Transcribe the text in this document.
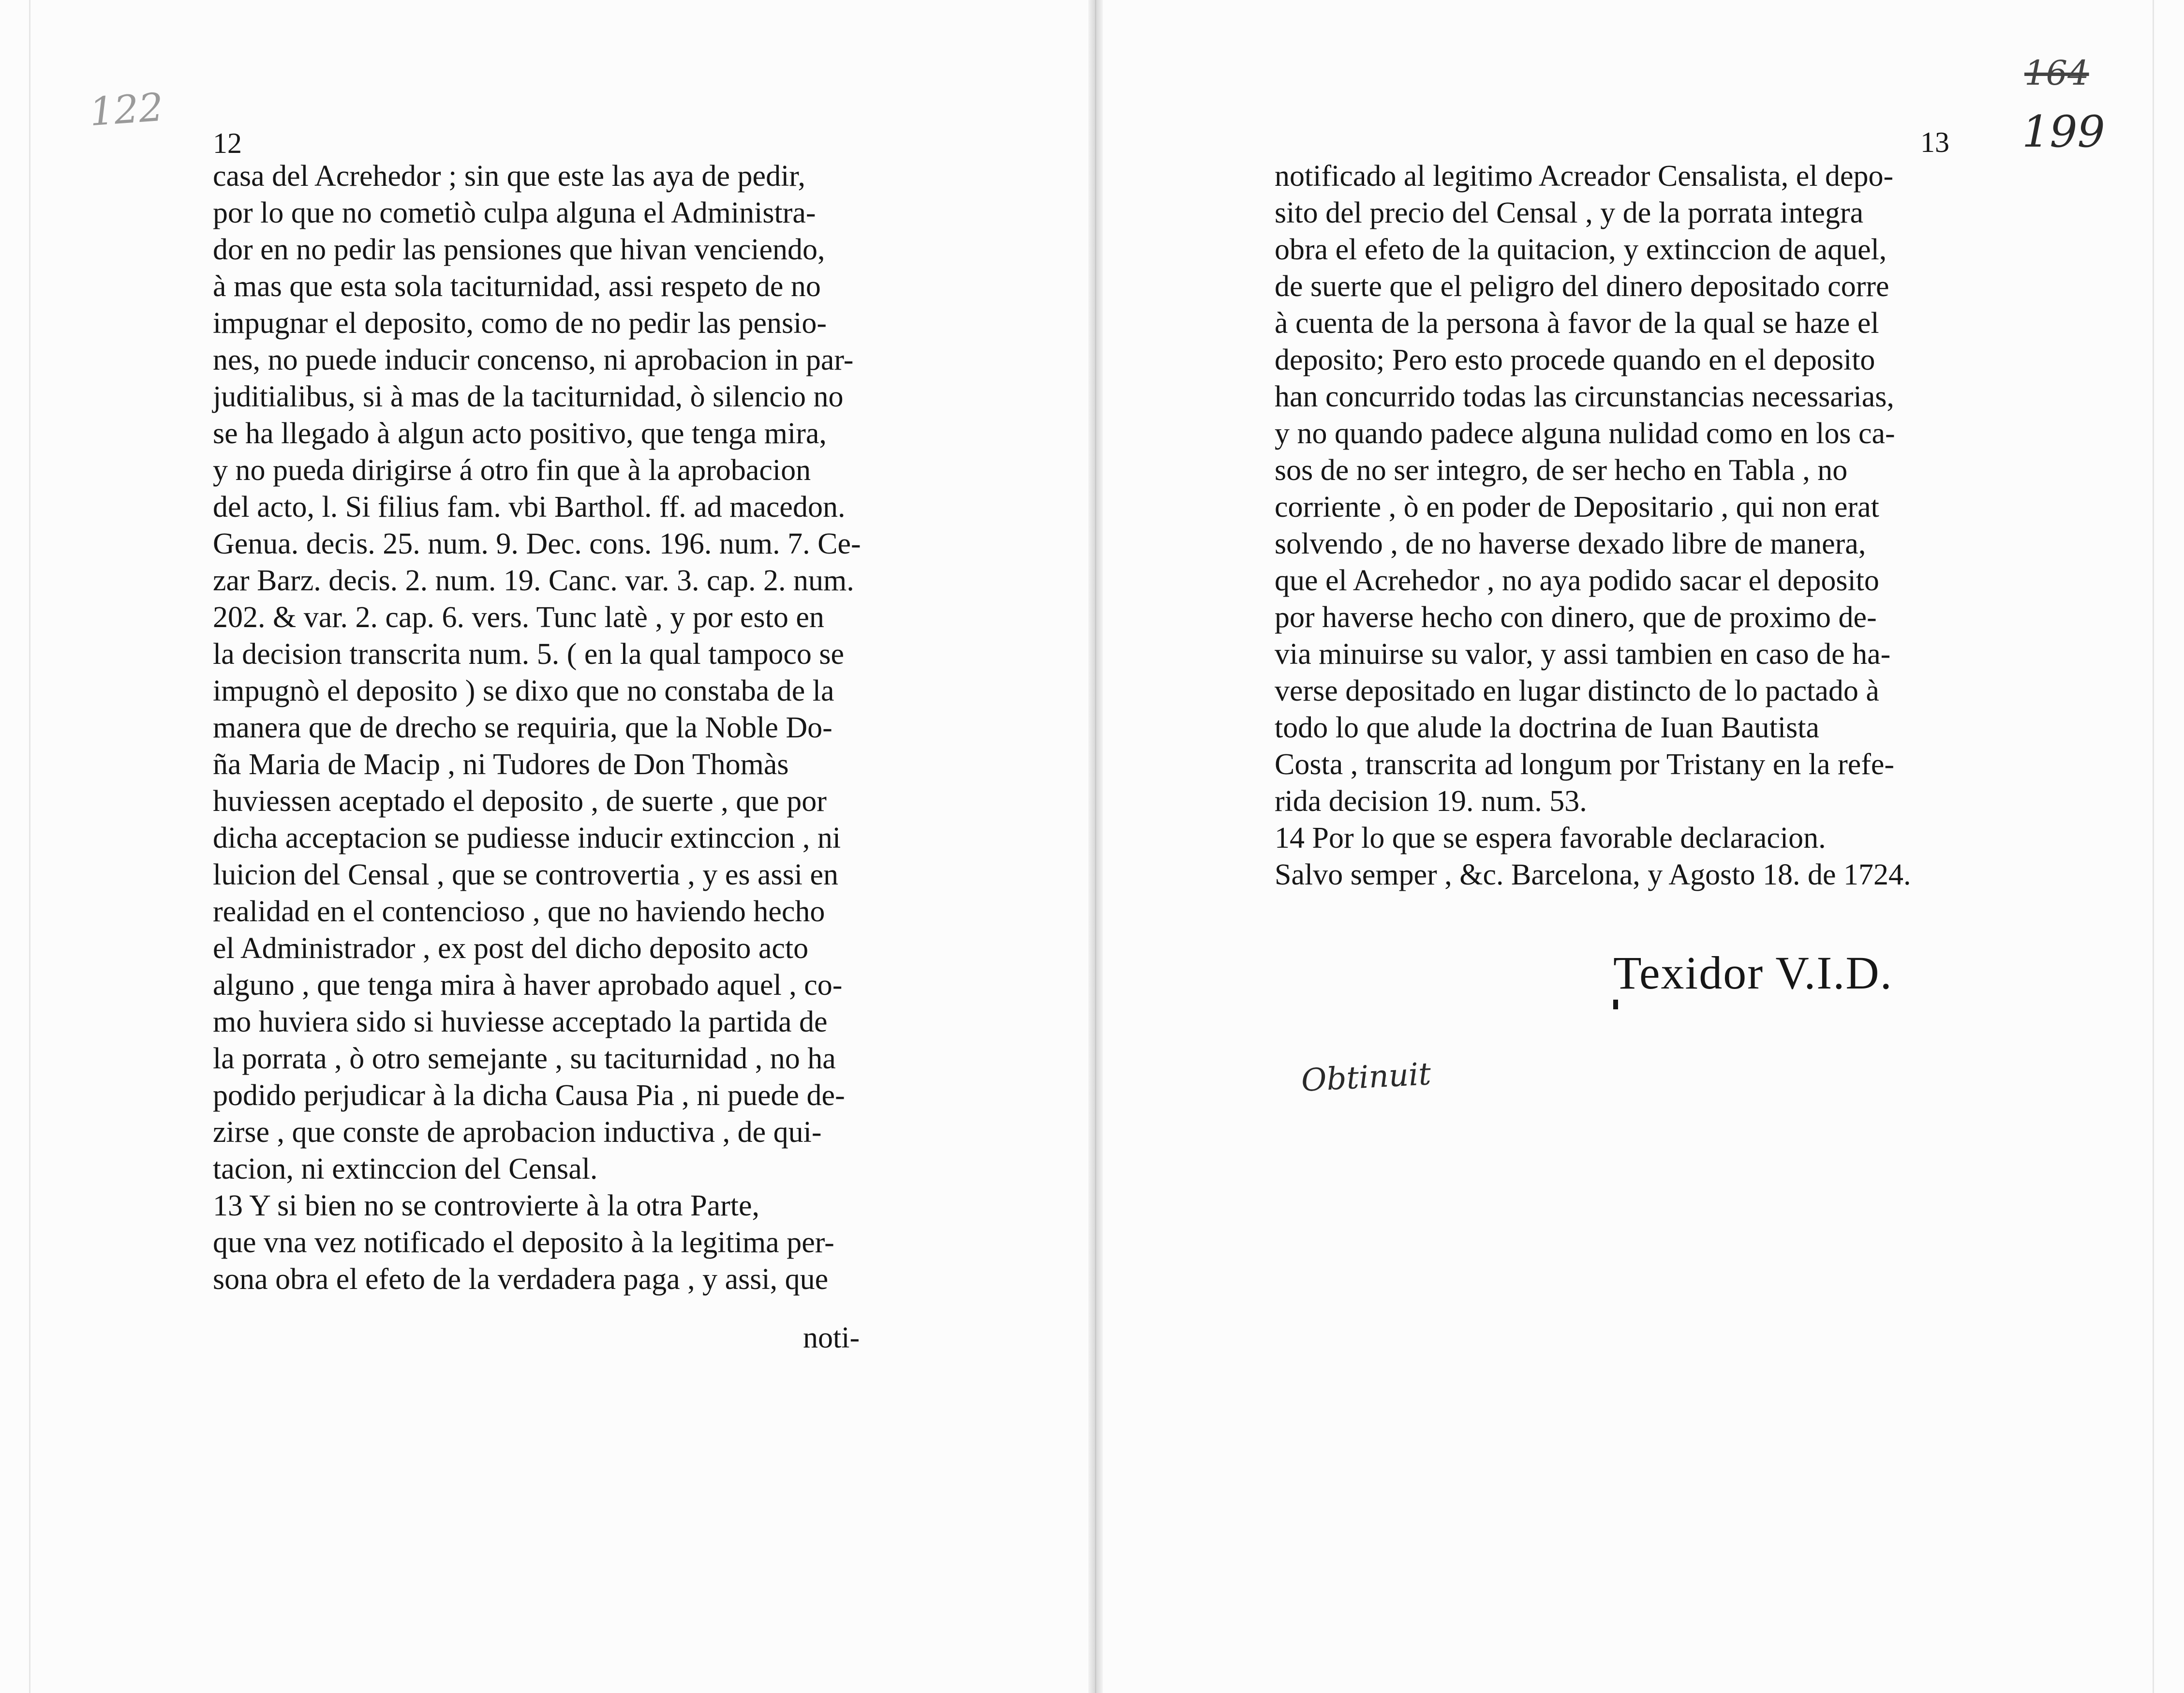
122
164
199
12
casa del Acrehedor ; sin que este las aya de pedir,
por lo que no cometiò culpa alguna el Administra-
dor en no pedir las pensiones que hivan venciendo,
à mas que esta sola taciturnidad, assi respeto de no
impugnar el deposito, como de no pedir las pensio-
nes, no puede inducir concenso, ni aprobacion in par-
juditialibus, si à mas de la taciturnidad, ò silencio no
se ha llegado à algun acto positivo, que tenga mira,
y no pueda dirigirse á otro fin que à la aprobacion
del acto, l. Si filius fam. vbi Barthol. ff. ad macedon.
Genua. decis. 25. num. 9. Dec. cons. 196. num. 7. Ce-
zar Barz. decis. 2. num. 19. Canc. var. 3. cap. 2. num.
202. & var. 2. cap. 6. vers. Tunc latè , y por esto en
la decision transcrita num. 5. ( en la qual tampoco se
impugnò el deposito ) se dixo que no constaba de la
manera que de drecho se requiria, que la Noble Do-
ña Maria de Macip , ni Tudores de Don Thomàs
huviessen aceptado el deposito , de suerte , que por
dicha acceptacion se pudiesse inducir extinccion , ni
luicion del Censal , que se controvertia , y es assi en
realidad en el contencioso , que no haviendo hecho
el Administrador , ex post del dicho deposito acto
alguno , que tenga mira à haver aprobado aquel , co-
mo huviera sido si huviesse acceptado la partida de
la porrata , ò otro semejante , su taciturnidad , no ha
podido perjudicar à la dicha Causa Pia , ni puede de-
zirse , que conste de aprobacion inductiva , de qui-
tacion, ni extinccion del Censal.
13 Y si bien no se controvierte à la otra Parte,
que vna vez notificado el deposito à la legitima per-
sona obra el efeto de la verdadera paga , y assi, que
noti-
13
notificado al legitimo Acreador Censalista, el depo-
sito del precio del Censal , y de la porrata integra
obra el efeto de la quitacion, y extinccion de aquel,
de suerte que el peligro del dinero depositado corre
à cuenta de la persona à favor de la qual se haze el
deposito; Pero esto procede quando en el deposito
han concurrido todas las circunstancias necessarias,
y no quando padece alguna nulidad como en los ca-
sos de no ser integro, de ser hecho en Tabla , no
corriente , ò en poder de Depositario , qui non erat
solvendo , de no haverse dexado libre de manera,
que el Acrehedor , no aya podido sacar el deposito
por haverse hecho con dinero, que de proximo de-
via minuirse su valor, y assi tambien en caso de ha-
verse depositado en lugar distincto de lo pactado à
todo lo que alude la doctrina de Iuan Bautista
Costa , transcrita ad longum por Tristany en la refe-
rida decision 19. num. 53.
14 Por lo que se espera favorable declaracion.
Salvo semper , &c. Barcelona, y Agosto 18. de 1724.
Texidor V.I.D.
Obtinuit
